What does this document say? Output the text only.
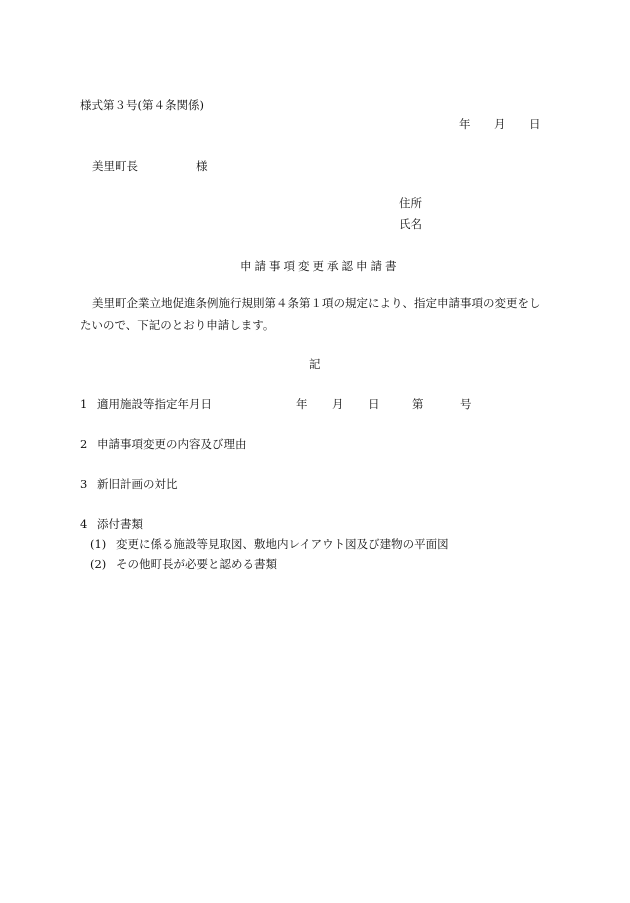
様式第３号(第４条関係)
年 月 日
美里町長	様
住所
氏名
申請事項変更承認申請書
美里町企業立地促進条例施行規則第４条第１項の規定により、指定申請事項の変更をし
たいので、下記のとおり申請します。
記
1 適用施設等指定年月日	年 月 日	第	号
2 申請事項変更の内容及び理由
3 新旧計画の対比
4 添付書類
(1) 変更に係る施設等見取図、敷地内レイアウト図及び建物の平面図
(2) その他町長が必要と認める書類
